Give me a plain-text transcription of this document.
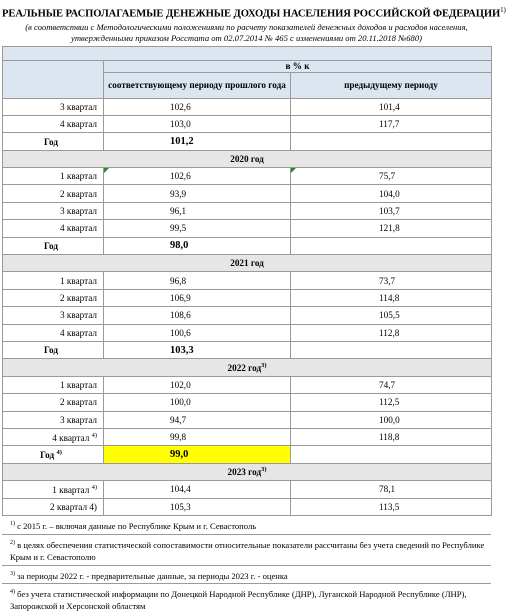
РЕАЛЬНЫЕ РАСПОЛАГАЕМЫЕ ДЕНЕЖНЫЕ ДОХОДЫ НАСЕЛЕНИЯ РОССИЙСКОЙ ФЕДЕРАЦИИ$^{1)}$
(в соответствии с Методологическими положениями по расчету показателей денежных доходов и расходов населения, утвержденными приказом Росстата от 02.07.2014 № 465 с изменениями от 20.11.2018 №680)

	в % к	
	соответствующему периоду прошлого года	предыдущему периоду
3 квартал	102,6	101,4
4 квартал	103,0	117,7
Год	101,2	
2020 год		
1 квартал	102,6	75,7
2 квартал	93,9	104,0
3 квартал	96,1	103,7
4 квартал	99,5	121,8
Год	98,0	
2021 год		
1 квартал	96,8	73,7
2 квартал	106,9	114,8
3 квартал	108,6	105,5
4 квартал	100,6	112,8
Год	103,3	
2022 год$^{3)}$
1 квартал	102,0	74,7
2 квартал	100,0	112,5
3 квартал	94,7	100,0
4 квартал $^{4)}$	99,8	118,8
Год $^{4)}$	99,0	
2023 год$^{3)}$
1 квартал $^{4)}$	104,4	78,1
2 квартал 4)	105,3	113,5
$^{1)}$ с 2015 г. – включая данные по Республике Крым и г. Севастополь
$^{2)}$ в целях обеспечения статистической сопоставимости относительные показатели рассчитаны без учета сведений по Республике Крым и г. Севастополю
$^{3)}$ за периоды 2022 г. - предварительные данные, за периоды 2023 г. - оценка
$^{4)}$ без учета статистической информации по Донецкой Народной Республике (ДНР), Луганской Народной Республике (ЛНР), Запорожской и Херсонской областям
